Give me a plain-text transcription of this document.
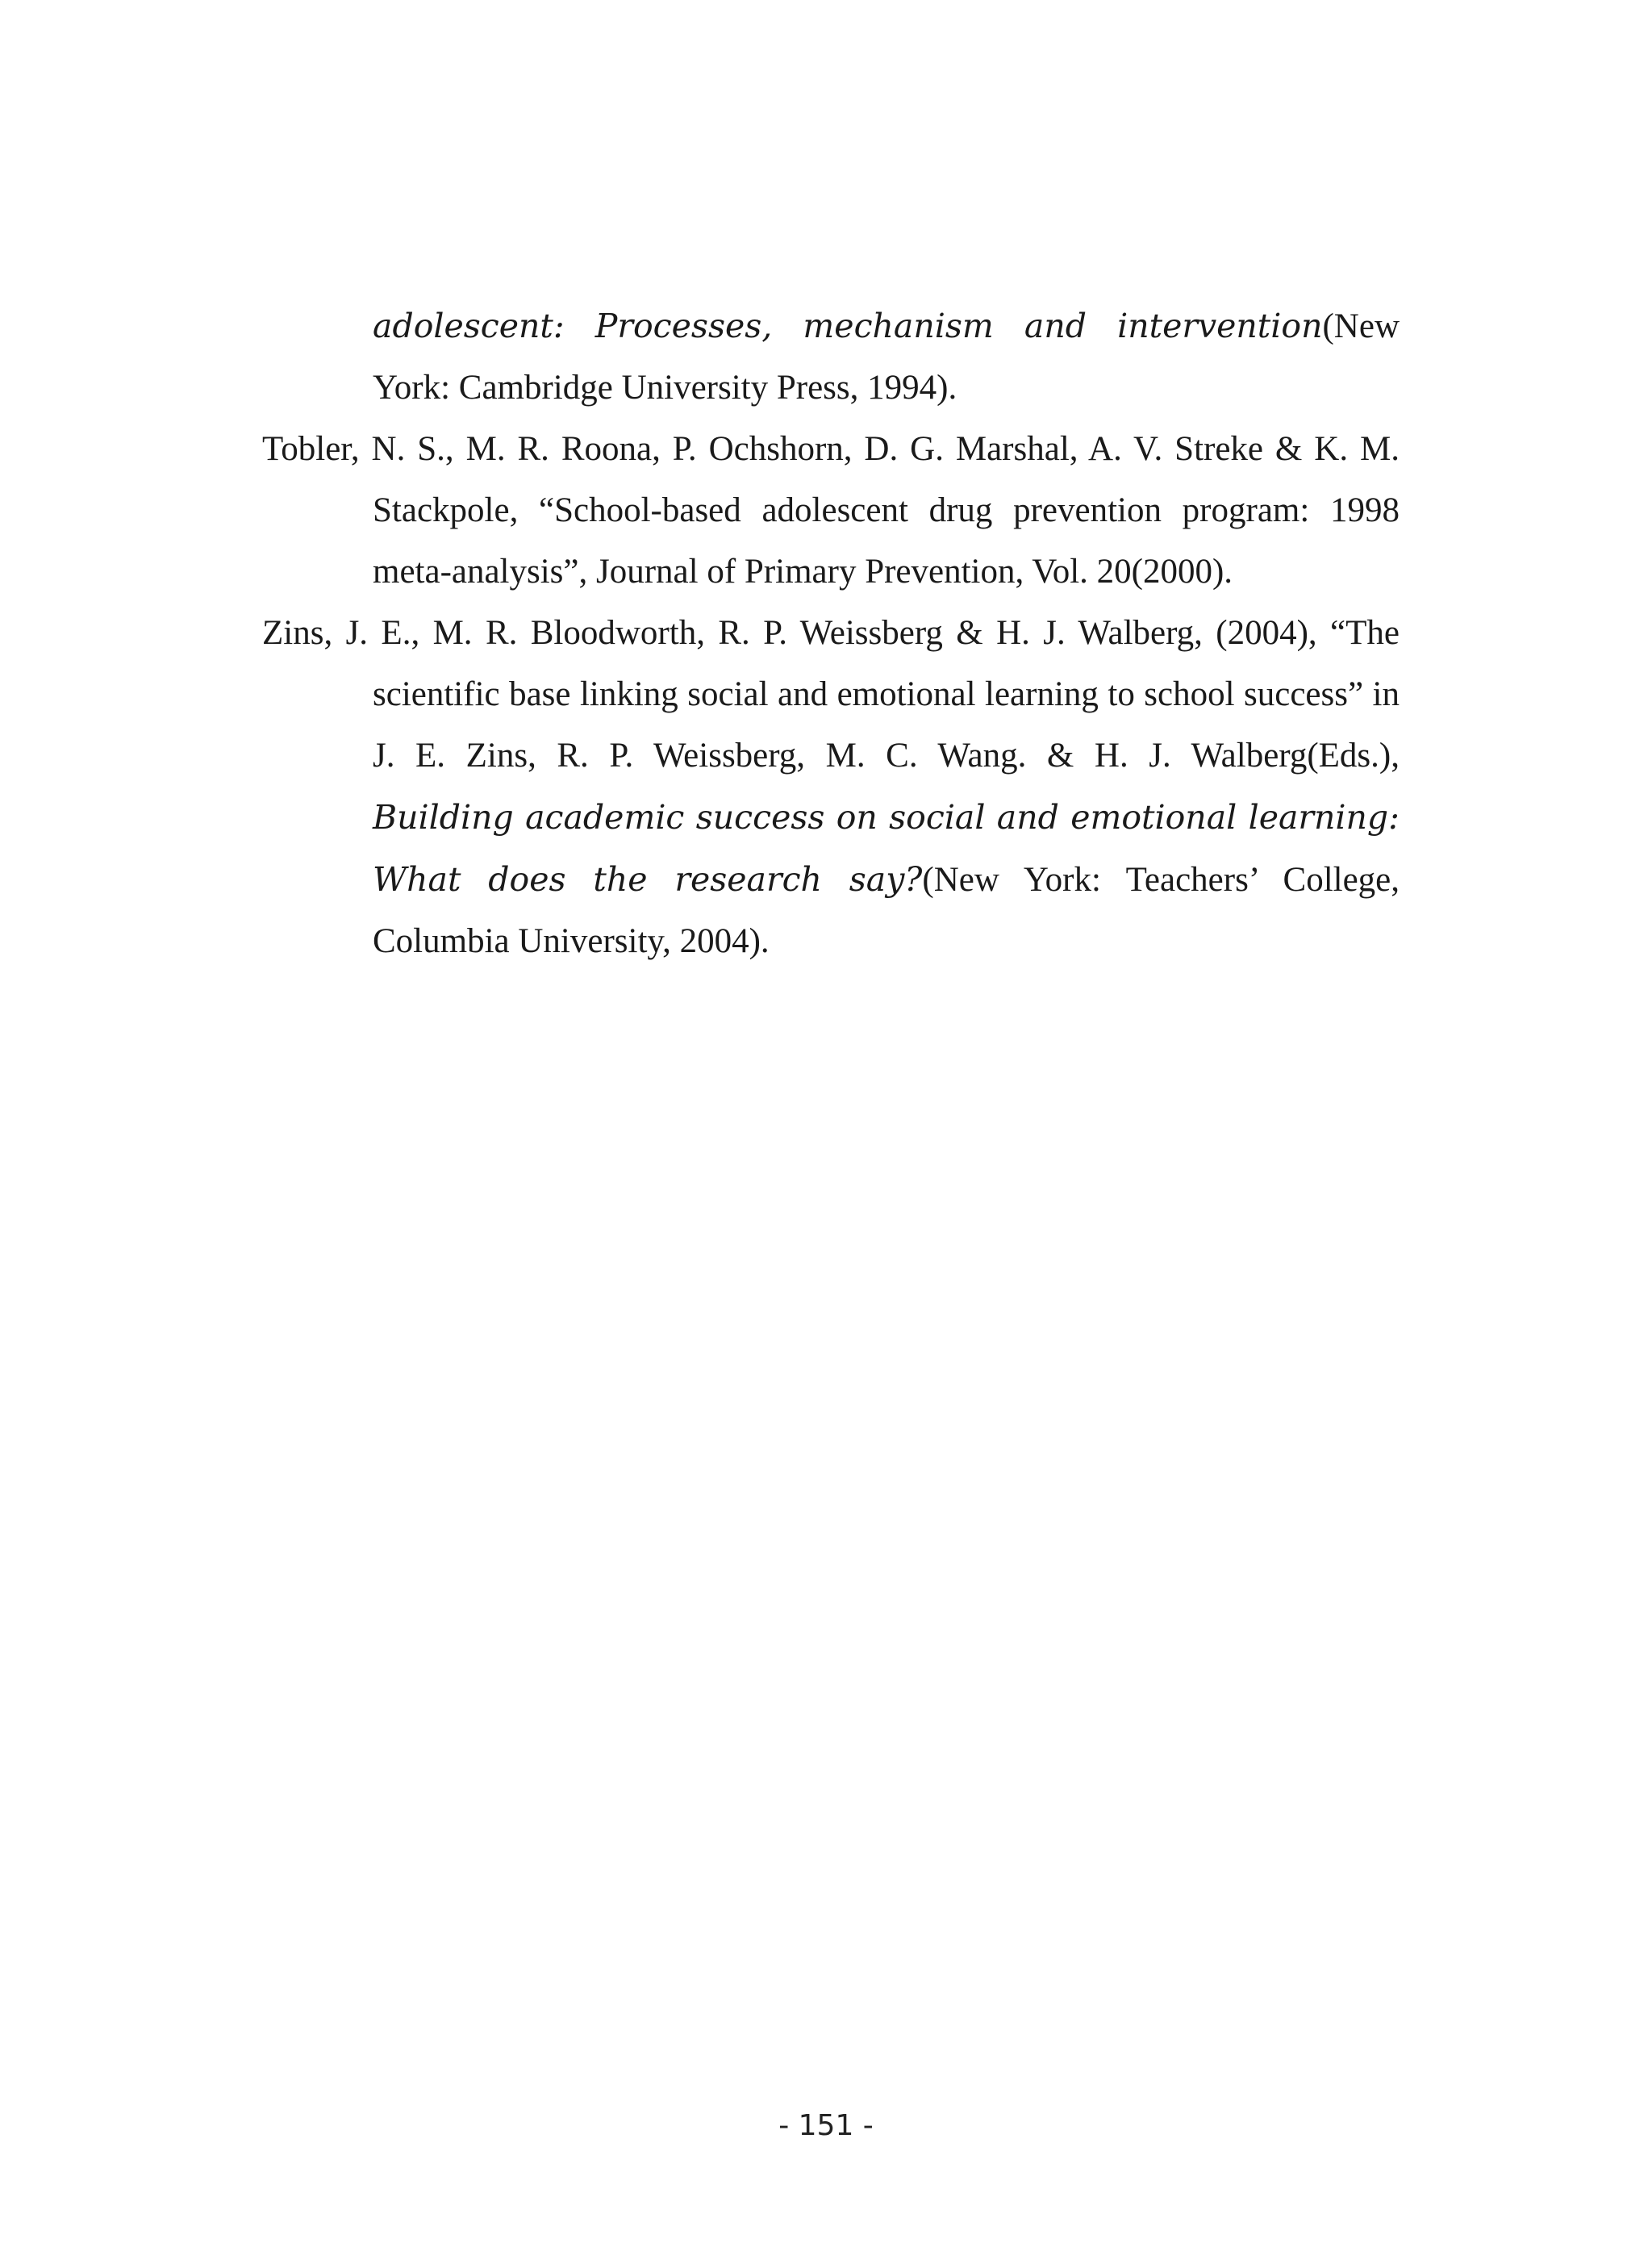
adolescent: Processes, mechanism and intervention(New York: Cambridge University Press, 1994).

Tobler, N. S., M. R. Roona, P. Ochshorn, D. G. Marshal, A. V. Streke & K. M. Stackpole, “School-based adolescent drug prevention program: 1998 meta-analysis”, Journal of Primary Prevention, Vol. 20(2000).

Zins, J. E., M. R. Bloodworth, R. P. Weissberg & H. J. Walberg, (2004), “The scientific base linking social and emotional learning to school success” in J. E. Zins, R. P. Weissberg, M. C. Wang. & H. J. Walberg(Eds.), Building academic success on social and emotional learning: What does the research say?(New York: Teachers’ College, Columbia University, 2004).

- 151 -
